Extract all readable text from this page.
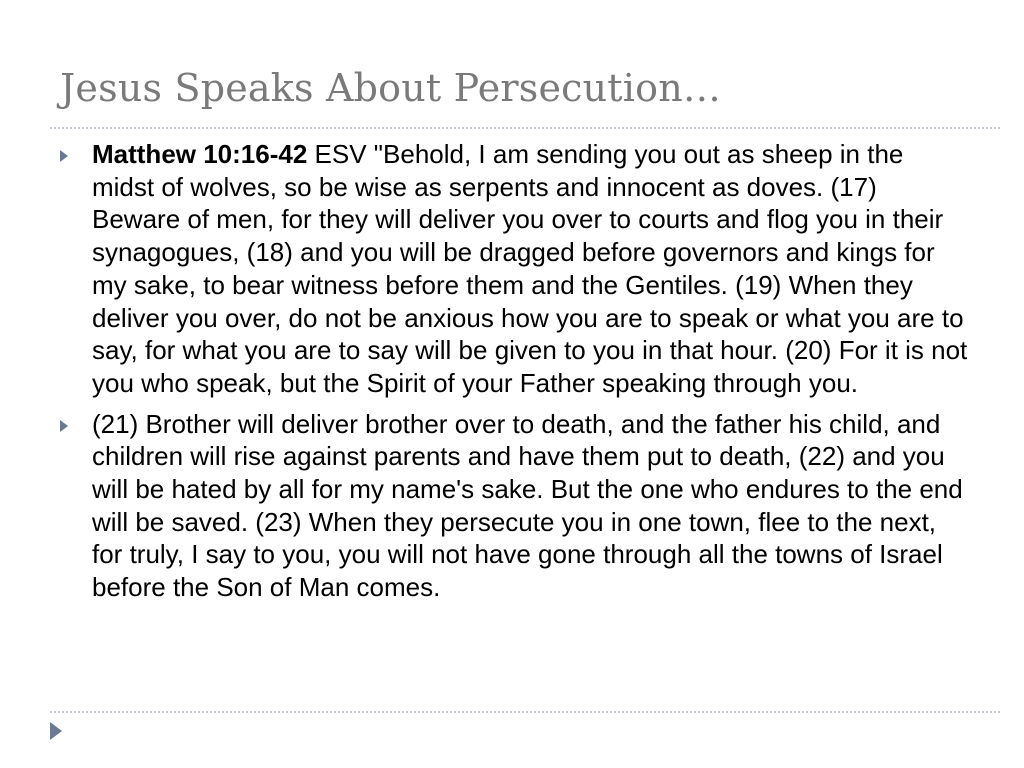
Jesus Speaks About Persecution…
Matthew 10:16-42 ESV "Behold, I am sending you out as sheep in the midst of wolves, so be wise as serpents and innocent as doves. (17) Beware of men, for they will deliver you over to courts and flog you in their synagogues, (18) and you will be dragged before governors and kings for my sake, to bear witness before them and the Gentiles. (19) When they deliver you over, do not be anxious how you are to speak or what you are to say, for what you are to say will be given to you in that hour. (20) For it is not you who speak, but the Spirit of your Father speaking through you.
(21) Brother will deliver brother over to death, and the father his child, and children will rise against parents and have them put to death, (22) and you will be hated by all for my name's sake. But the one who endures to the end will be saved. (23) When they persecute you in one town, flee to the next, for truly, I say to you, you will not have gone through all the towns of Israel before the Son of Man comes.
